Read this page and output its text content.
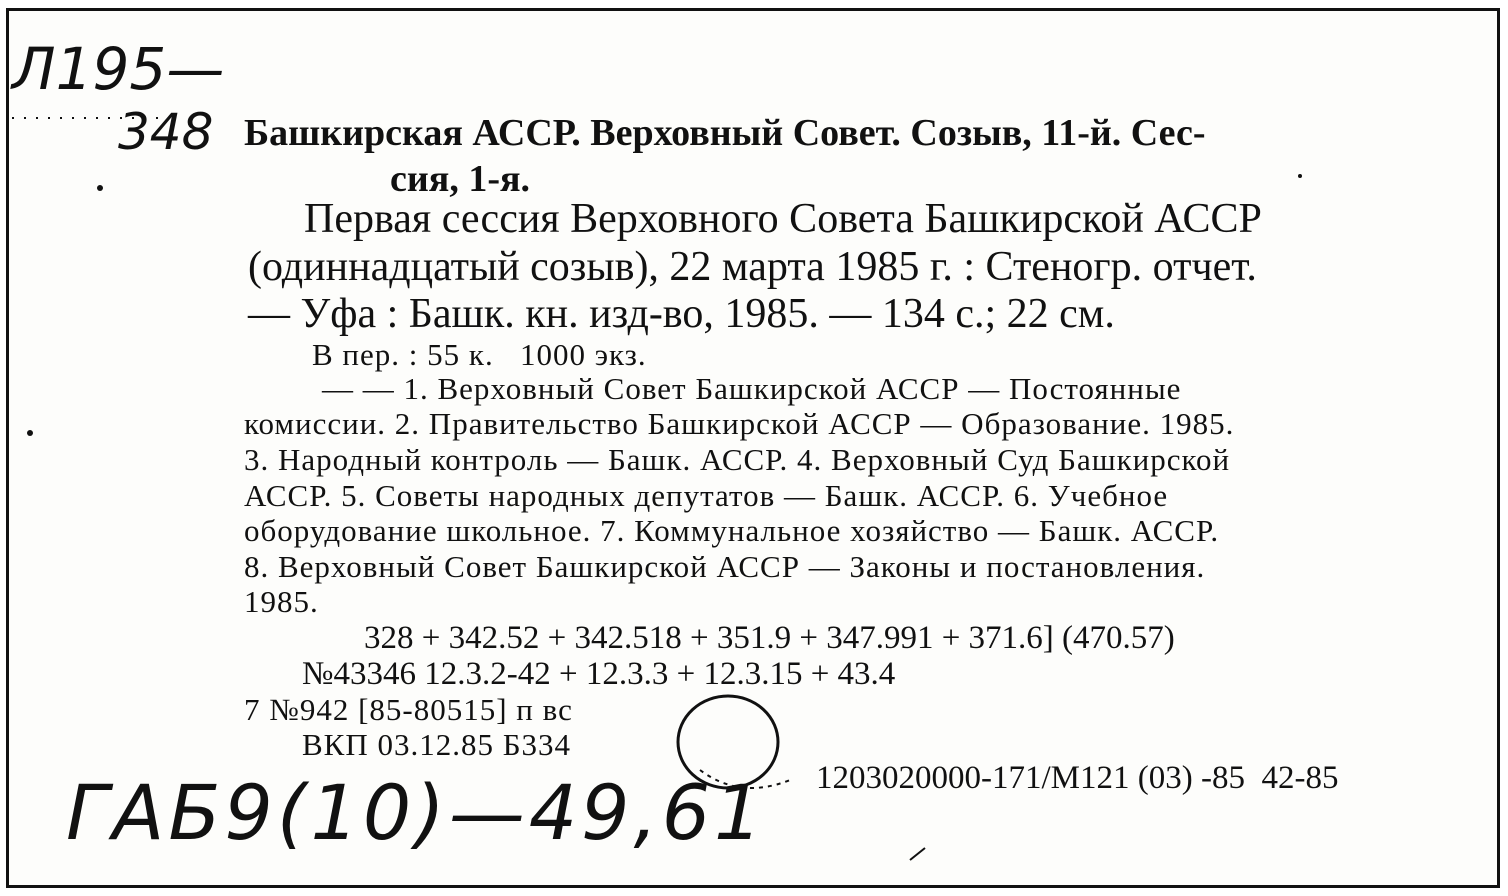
Л195—
348 Башкирская АССР. Верховный Совет. Созыв, 11-й. Сес-
сия, 1-я.
Первая сессия Верховного Совета Башкирской АССР
(одиннадцатый созыв), 22 марта 1985 г. : Стеногр. отчет.
— Уфа : Башк. кн. изд-во, 1985. — 134 с.; 22 см.
В пер. : 55 к.   1000 экз.
— — 1. Верховный Совет Башкирской АССР — Постоянные
комиссии. 2. Правительство Башкирской АССР — Образование. 1985.
3. Народный контроль — Башк. АССР. 4. Верховный Суд Башкирской
АССР. 5. Советы народных депутатов — Башк. АССР. 6. Учебное
оборудование школьное. 7. Коммунальное хозяйство — Башк. АССР.
8. Верховный Совет Башкирской АССР — Законы и постановления.
1985.
328 + 342.52 + 342.518 + 351.9 + 347.991 + 371.6] (470.57)
№43346 12.3.2-42 + 12.3.3 + 12.3.15 + 43.4
7 №942 [85-80515] п вс
ВКП 03.12.85 Б334
1203020000-171/М121 (03) -85  42-85
ГАБ9(10)—49,61
